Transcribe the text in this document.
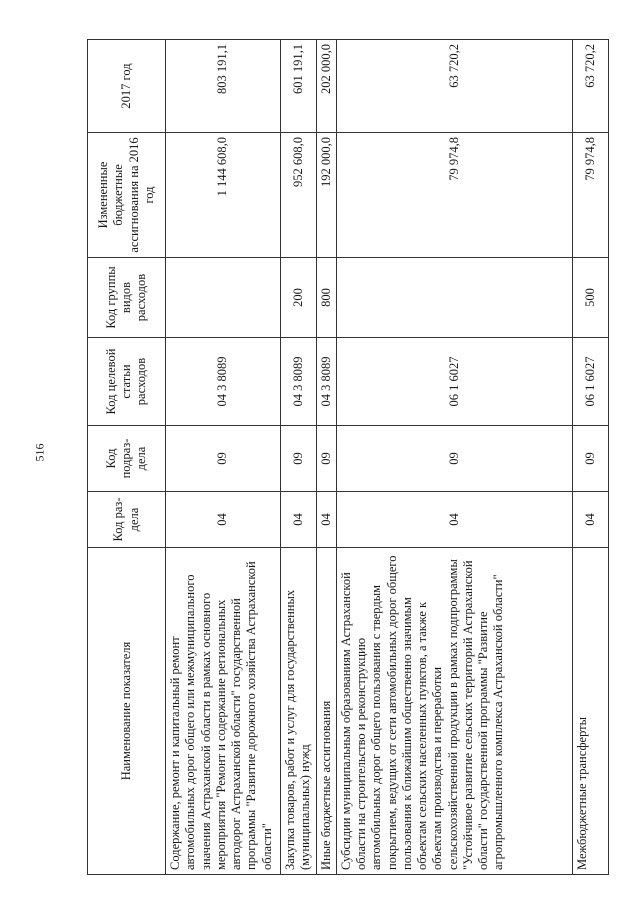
516
Наименование показателя	Код раз-дела	Код подраз-дела	Код целевой статьи расходов	Код группы видов расходов	Измененные бюджетные ассигнования на 2016 год	2017 год
Содержание, ремонт и капитальный ремонт автомобильных дорог общего или межмуниципального значения Астраханской области в рамках основного мероприятия "Ремонт и содержание региональных автодорог Астраханской области" государственной программы "Развитие дорожного хозяйства Астраханской области"	04	09	04 3 8089		1 144 608,0	803 191,1
Закупка товаров, работ и услуг для государственных (муниципальных) нужд	04	09	04 3 8089	200	952 608,0	601 191,1
Иные бюджетные ассигнования	04	09	04 3 8089	800	192 000,0	202 000,0
Субсидии муниципальным образованиям Астраханской области на строительство и реконструкцию автомобильных дорог общего пользования с твердым покрытием, ведущих от сети автомобильных дорог общего пользования к ближайшим общественно значимым объектам сельских населенных пунктов, а также к объектам производства и переработки сельскохозяйственной продукции в рамках подпрограммы "Устойчивое развитие сельских территорий Астраханской области" государственной программы "Развитие агропромышленного комплекса Астраханской области"	04	09	06 1 6027		79 974,8	63 720,2
Межбюджетные трансферты	04	09	06 1 6027	500	79 974,8	63 720,2
